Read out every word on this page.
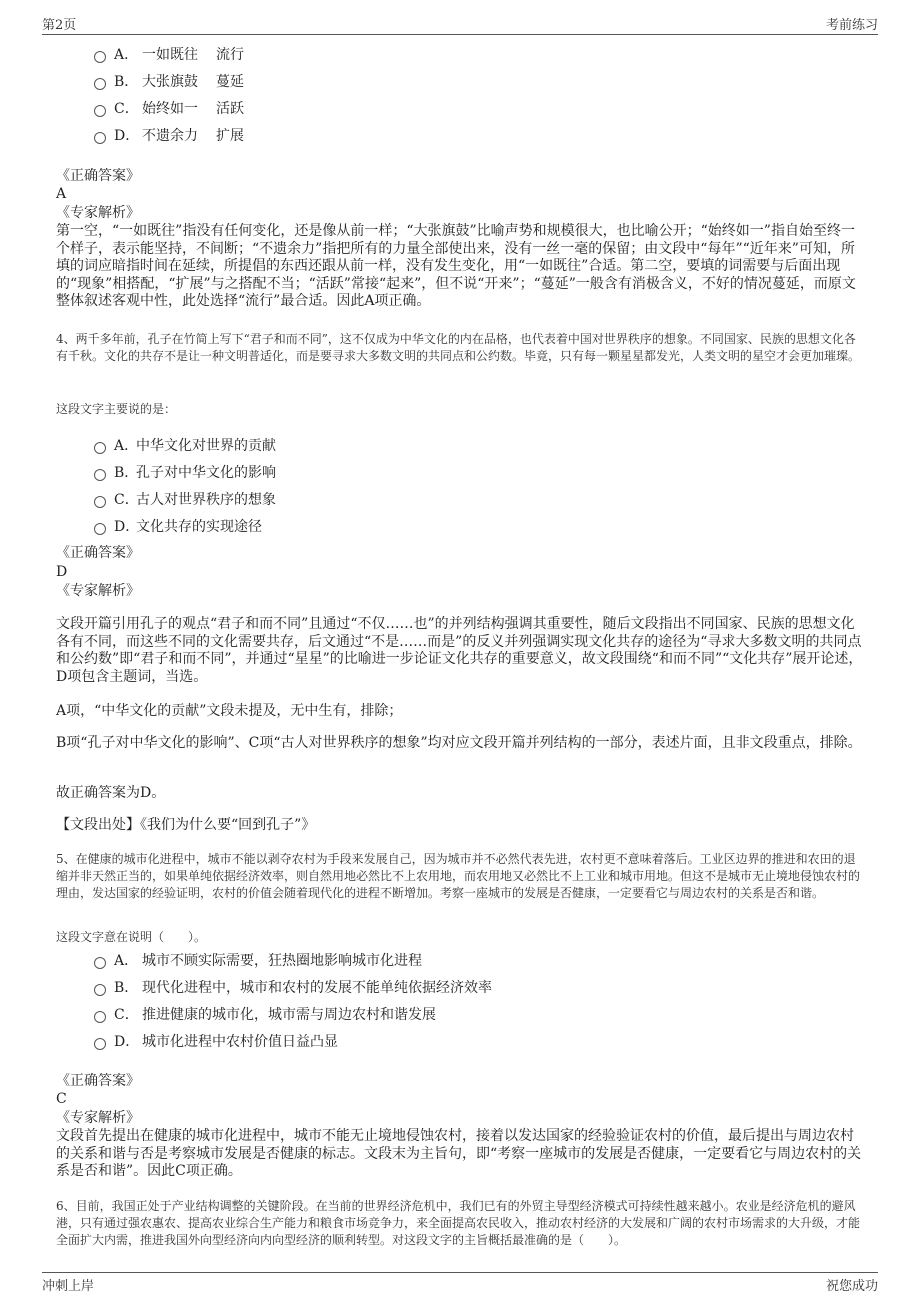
第2页	考前练习
A． 一如既往 流行
B． 大张旗鼓 蔓延
C． 始终如一 活跃
D． 不遗余力 扩展
《正确答案》
A
《专家解析》
第一空，“一如既往”指没有任何变化，还是像从前一样；“大张旗鼓”比喻声势和规模很大，也比喻公开；“始终如一”指自始至终一个样子，表示能坚持，不间断；“不遗余力”指把所有的力量全部使出来，没有一丝一毫的保留；由文段中“每年”“近年来”可知，所填的词应暗指时间在延续，所提倡的东西还跟从前一样，没有发生变化，用“一如既往”合适。第二空，要填的词需要与后面出现的“现象”相搭配，“扩展”与之搭配不当；“活跃”常接“起来”，但不说“开来”；“蔓延”一般含有消极含义，不好的情况蔓延，而原文整体叙述客观中性，此处选择“流行”最合适。因此A项正确。
4、两千多年前，孔子在竹简上写下“君子和而不同”，这不仅成为中华文化的内在品格，也代表着中国对世界秩序的想象。不同国家、民族的思想文化各有千秋。文化的共存不是让一种文明普适化，而是要寻求大多数文明的共同点和公约数。毕竟，只有每一颗星星都发光，人类文明的星空才会更加璀璨。
这段文字主要说的是：
A．
中华文化对世界的贡献
B．
孔子对中华文化的影响
C．
古人对世界秩序的想象
D．
文化共存的实现途径
《正确答案》
D
《专家解析》
文段开篇引用孔子的观点“君子和而不同”且通过“不仅……也”的并列结构强调其重要性，随后文段指出不同国家、民族的思想文化各有不同，而这些不同的文化需要共存，后文通过“不是……而是”的反义并列强调实现文化共存的途径为“寻求大多数文明的共同点和公约数”即“君子和而不同”，并通过“星星”的比喻进一步论证文化共存的重要意义，故文段围绕“和而不同”“文化共存”展开论述，D项包含主题词，当选。
A项，“中华文化的贡献”文段未提及，无中生有，排除；
B项“孔子对中华文化的影响”、C项“古人对世界秩序的想象”均对应文段开篇并列结构的一部分，表述片面，且非文段重点，排除。
故正确答案为D。
【文段出处】《我们为什么要“回到孔子”》
5、在健康的城市化进程中，城市不能以剥夺农村为手段来发展自己，因为城市并不必然代表先进，农村更不意味着落后。工业区边界的推进和农田的退缩并非天然正当的，如果单纯依据经济效率，则自然用地必然比不上农用地，而农用地又必然比不上工业和城市用地。但这不是城市无止境地侵蚀农村的理由，发达国家的经验证明，农村的价值会随着现代化的进程不断增加。考察一座城市的发展是否健康，一定要看它与周边农村的关系是否和谐。
这段文字意在说明（　　）。
A． 城市不顾实际需要，狂热圈地影响城市化进程
B． 现代化进程中，城市和农村的发展不能单纯依据经济效率
C． 推进健康的城市化，城市需与周边农村和谐发展
D． 城市化进程中农村价值日益凸显
《正确答案》
C
《专家解析》
文段首先提出在健康的城市化进程中，城市不能无止境地侵蚀农村，接着以发达国家的经验验证农村的价值，最后提出与周边农村的关系和谐与否是考察城市发展是否健康的标志。文段末为主旨句，即“考察一座城市的发展是否健康，一定要看它与周边农村的关系是否和谐”。因此C项正确。
6、目前，我国正处于产业结构调整的关键阶段。在当前的世界经济危机中，我们已有的外贸主导型经济模式可持续性越来越小。农业是经济危机的避风港，只有通过强农惠农、提高农业综合生产能力和粮食市场竞争力，来全面提高农民收入，推动农村经济的大发展和广阔的农村市场需求的大升级，才能全面扩大内需，推进我国外向型经济向内向型经济的顺利转型。对这段文字的主旨概括最准确的是（　　）。
冲刺上岸	祝您成功
